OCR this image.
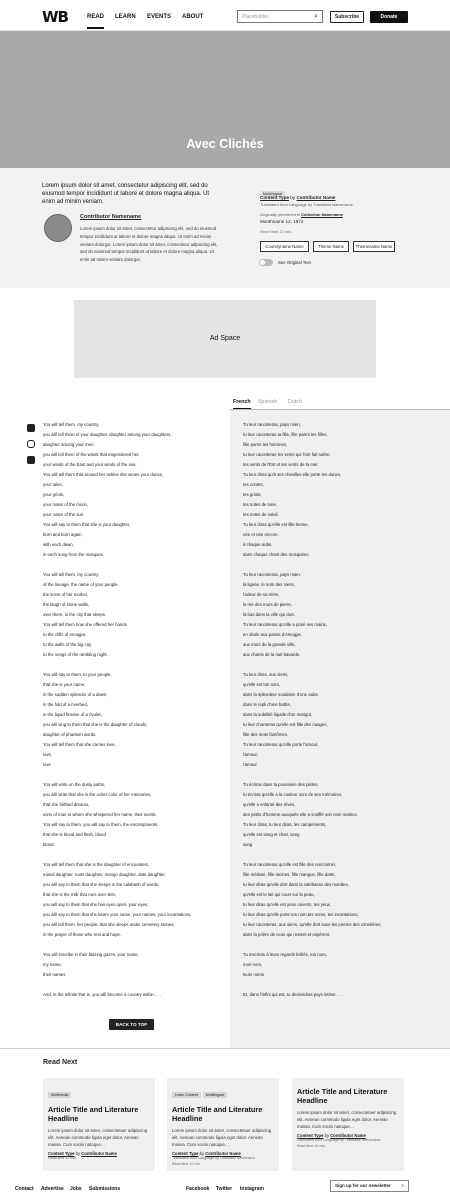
WB	READ LEARN EVENTS ABOUT	Placeholder	⌕	Subscribe	Donate
Avec Clichés
Lorem ipsum dolor sit amet, consectetur adipiscing elit, sed do eiusmod tempor incididunt ut labore et dolore magna aliqua. Ut enim ad minim veniam.
Contributor Namename
Lorem ipsum dolor sit amet, consectetur adipiscing elit, sed do eiusmod tempor incididunt ut labore et dolore magna aliqua. Ut enim ad minim veniam dolorgor. Lorem ipsum dolor sit amet, consectetur adipiscing elit, sed do eiusmod tempor incididunt ut labore et dolore magna aliqua. Ut enim ad minim veniam dolorgor.
Multilingual
Content Type by Contributor Name
Translated from Language by Translator Namename
Originally premiered in Collection Namename
Monthname 12, 1672
Read time 12 min.
Countryname Name	Theme Name	Themename Name
See Original Text
Ad Space
French Spanish Dutch
You will tell them, my country,
you will tell them of your daughter, daughter among your daughters,
daughter among your men,
you will tell them of the winds that engendered her,
your winds of the East and your winds of the sea.
You will tell them that around her ankles she wears your dunes,
your tales,
your griots,
your notes of the moon,
your notes of the sun.
You will say to them that she is your daughter,
born and born again,
with each dawn,
in each song from the mosques.
You will tell them, my country,
of the lineage, the name of your people,
the scent of her mother,
the laugh of stone walls,
over there, in the city that sleeps.
You will tell them how she offered her hands
to the cliffs of Amogjar,
to the walls of the big city,
to the songs of the rambling night.
You will say to them, to your people,
that she is your name,
in the sudden splendor of a dawn,
in the fold of a riverbed,
in the liquid finesse of a rivulet,
you will sing to them that she is the daughter of clouds,
daughter of phantom words.
You will tell them that she carries love,
love,
love
You will write on the dusty paths,
you will write that she is the ocher color of her memories,
that she birthed dreams,
sons of man to whom she whispered her name, their womb.
You will say to them, you will say to them, the encampments,
that she is blood and flesh, blood
blood
You will tell them that she is the daughter of encounters,
mixed daughter, roots daughter, mango daughter, date daughter,
you will say to them that she sleeps in the calabash of words,
that she is the milk that runs over skin,
you will say to them that she has eyes open, your eyes,
you will say to them that she bears your name, your names, your incantations,
you will tell them, her people, that she sleeps under cemetery stones,
in the prayer of those who rest and hope.
You will inscribe in their blazing gazes, your name,
my name,
their names
And, in the infinite that is, you will become a country within . . .
Tu leur raconteras, pays mien,
tu leur raconteras ta fille, fille parmi tes filles,
fille parmi tes hommes,
tu leur raconteras les vents qui l'ont fait naître,
tes vents de l'Est et tes vents de la mer.
Tu leur diras qu'à ses chevilles elle porte tes dunes,
tes contes,
tes griots,
tes notes de lune,
tes notes de soleil.
Tu leur diras qu'elle est fille tienne,
née et née encore,
à chaque aube,
dans chaque chant des mosquées.
Tu leur raconteras, pays mien,
la lignée, le nom des siens,
l'odeur de sa mère,
le rire des murs de pierre,
là bas dans la ville qui dort.
Tu leur raconteras qu'elle a posé ses mains,
en obole aux parois d'Amogjar,
aux murs de la grande ville,
aux chants de la nuit bavarde.
Tu leur diras, aux siens,
qu'elle est ton nom,
dans la splendeur soudaine d'une aube,
dans le repli d'une batha,
dans la subtilité liquide d'un marigot,
tu leur chanteras qu'elle est fille des nuages,
fille des mots fantômes.
Tu leur raconteras qu'elle porte l'amour,
l'amour,
l'amour
Tu écriras dans la poussière des pistes,
tu écriras qu'elle a la couleur ocre de ses mémoires,
qu'elle a enfanté des rêves,
des petits d'homme auxquels elle a soufflé son nom matrice.
Tu leur diras, tu leur diras, les campements,
qu'elle est sang et chair, sang
sang
Tu leur raconteras qu'elle est fille des rencontres,
fille métisse, fille racines, fille mangue, fille datte,
tu leur diras qu'elle dort dans la calebasse des mondes,
qu'elle est le lait qui court sur la peau,
tu leur diras qu'elle est yeux ouverts, tes yeux,
tu leur diras qu'elle porte ton nom,tes noms, tes incantations,
tu leur raconteras, aux siens, qu'elle dort sous les pierres des cimetières,
dans la prière de ceux qui restent et espèrent.
Tu inscriras à leurs regards brûlés, ton nom,
mon nom,
leurs noms
Et, dans l'infini qui est, tu deviendras pays intime . . .
BACK TO TOP
Read Next
Multimedia
Article Title and Literature Headline

Lorem ipsum dolor sit amet, consectetuer adipiscing elit. Aenean commodo ligula eget dolor. Aenean massa. Cum sociis natoque…

Content Type by Contributor Name
Read time 12 min.
Learn Content Multilingual
Article Title and Literature Headline

Lorem ipsum dolor sit amet, consectetuer adipiscing elit. Aenean commodo ligula eget dolor. Aenean massa. Cum sociis natoque…

Content Type by Contributor Name
Translated from Language by Translator Namename
Read time 12 min.
Article Title and Literature Headline

Lorem ipsum dolor sit amet, consectetuer adipiscing elit. Aenean commodo ligula eget dolor. Aenean massa. Cum sociis natoque…

Content Type by Contributor Name
Translated from Language by Translator Namename
Read time 12 min.
Contact Advertise Jobs Submissions	Facebook Twitter Instagram
Sign up for our newsletter >
